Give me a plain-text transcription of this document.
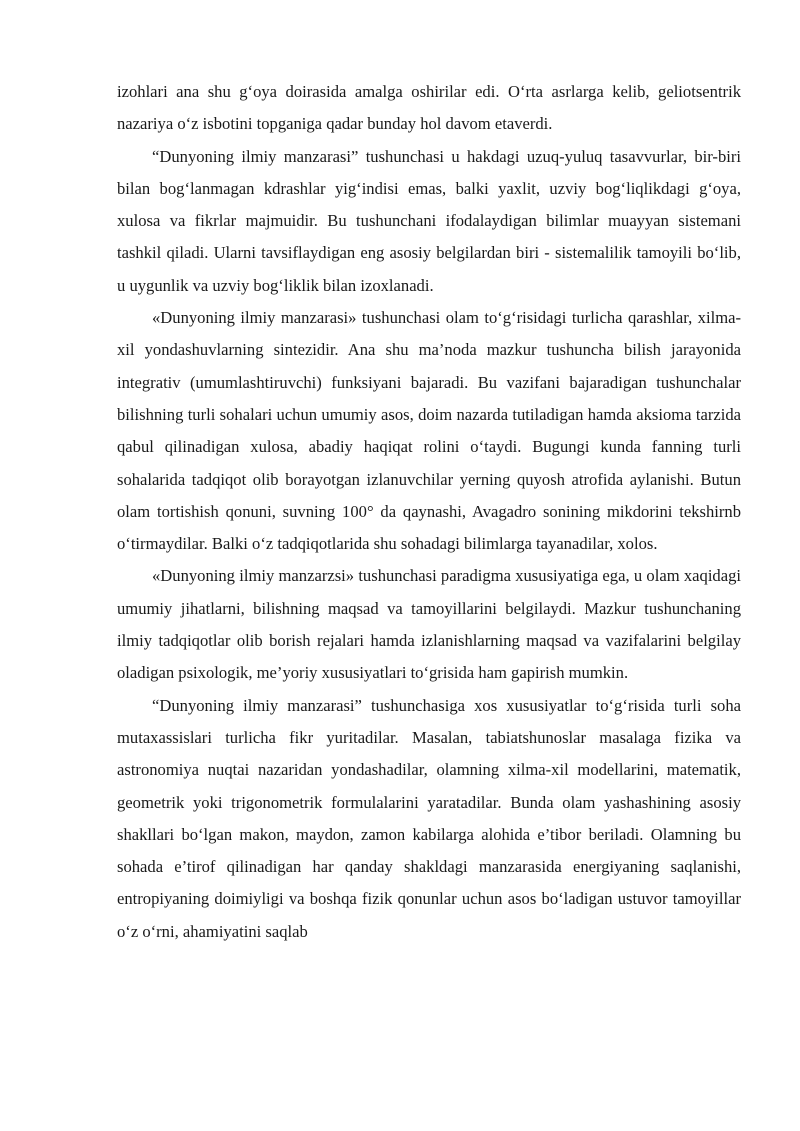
izohlari ana shu g‘oya doirasida amalga oshirilar edi. O‘rta asrlarga kelib, geliotsentrik nazariya o‘z isbotini topganiga qadar bunday hol davom etaverdi.

“Dunyoning ilmiy manzarasi” tushunchasi u hakdagi uzuq-yuluq tasavvurlar, bir-biri bilan bog‘lanmagan kdrashlar yig‘indisi emas, balki yaxlit, uzviy bog‘liqlikdagi g‘oya, xulosa va fikrlar majmuidir. Bu tushunchani ifodalaydigan bilimlar muayyan sistemani tashkil qiladi. Ularni tavsiflaydigan eng asosiy belgilardan biri - sistemalilik tamoyili bo‘lib, u uygunlik va uzviy bog‘liklik bilan izoxlanadi.

«Dunyoning ilmiy manzarasi» tushunchasi olam to‘g‘risidagi turlicha qarashlar, xilma-xil yondashuvlarning sintezidir. Ana shu ma’noda mazkur tushuncha bilish jarayonida integrativ (umumlashtiruvchi) funksiyani bajaradi. Bu vazifani bajaradigan tushunchalar bilishning turli sohalari uchun umumiy asos, doim nazarda tutiladigan hamda aksioma tarzida qabul qilinadigan xulosa, abadiy haqiqat rolini o‘taydi. Bugungi kunda fanning turli sohalarida tadqiqot olib borayotgan izlanuvchilar yerning quyosh atrofida aylanishi. Butun olam tortishish qonuni, suvning 100° da qaynashi, Avagadro sonining mikdorini tekshirnb o‘tirmaydilar. Balki o‘z tadqiqotlarida shu sohadagi bilimlarga tayanadilar, xolos.

«Dunyoning ilmiy manzarzsi» tushunchasi paradigma xususiyatiga ega, u olam xaqidagi umumiy jihatlarni, bilishning maqsad va tamoyillarini belgilaydi. Mazkur tushunchaning ilmiy tadqiqotlar olib borish rejalari hamda izlanishlarning maqsad va vazifalarini belgilay oladigan psixologik, me’yoriy xususiyatlari to‘grisida ham gapirish mumkin.

“Dunyoning ilmiy manzarasi” tushunchasiga xos xususiyatlar to‘g‘risida turli soha mutaxassislari turlicha fikr yuritadilar. Masalan, tabiatshunoslar masalaga fizika va astronomiya nuqtai nazaridan yondashadilar, olamning xilma-xil modellarini, matematik, geometrik yoki trigonometrik formulalarini yaratadilar. Bunda olam yashashining asosiy shakllari bo‘lgan makon, maydon, zamon kabilarga alohida e’tibor beriladi. Olamning bu sohada e’tirof qilinadigan har qanday shakldagi manzarasida energiyaning saqlanishi, entropiyaning doimiyligi va boshqa fizik qonunlar uchun asos bo‘ladigan ustuvor tamoyillar o‘z o‘rni, ahamiyatini saqlab
